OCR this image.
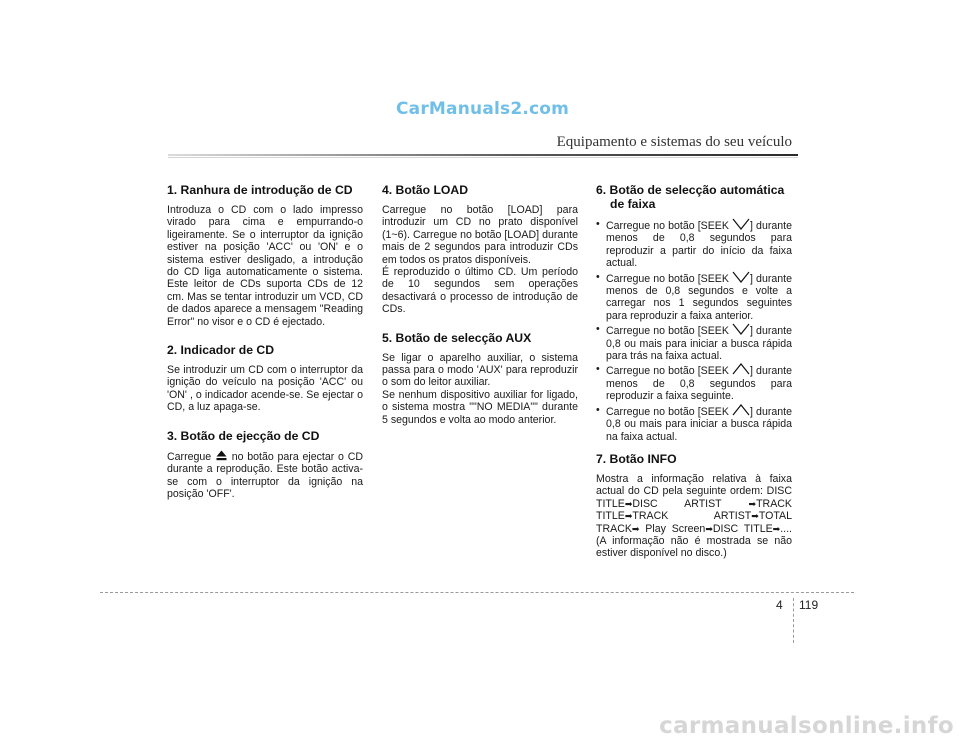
CarManuals2.com
Equipamento e sistemas do seu veículo
1. Ranhura de introdução de CD

Introduza o CD com o lado impresso virado para cima e empurrando-o ligeiramente. Se o interruptor da ignição estiver na posição 'ACC' ou 'ON' e o sistema estiver desligado, a introdução do CD liga automaticamente o sistema. Este leitor de CDs suporta CDs de 12 cm. Mas se tentar introduzir um VCD, CD de dados aparece a mensagem "Reading Error" no visor e o CD é ejectado.

2. Indicador de CD

Se introduzir um CD com o interruptor da ignição do veículo na posição 'ACC' ou 'ON' , o indicador acende-se. Se ejectar o CD, a luz apaga-se.

3. Botão de ejecção de CD

Carregue no botão para ejectar o CD durante a reprodução. Este botão activa-se com o interruptor da ignição na posição 'OFF'.

4. Botão LOAD

Carregue no botão [LOAD] para introduzir um CD no prato disponível (1~6). Carregue no botão [LOAD] durante mais de 2 segundos para introduzir CDs em todos os pratos disponíveis.

É reproduzido o último CD. Um período de 10 segundos sem operações desactivará o processo de introdução de CDs.

5. Botão de selecção AUX

Se ligar o aparelho auxiliar, o sistema passa para o modo 'AUX' para reproduzir o som do leitor auxiliar.

Se nenhum dispositivo auxiliar for ligado, o sistema mostra ""NO MEDIA"" durante 5 segundos e volta ao modo anterior.

6. Botão de selecção automática de faixa
• Carregue no botão [SEEK ] durante menos de 0,8 segundos para reproduzir a partir do início da faixa actual.
• Carregue no botão [SEEK ] durante menos de 0,8 segundos e volte a carregar nos 1 segundos seguintes para reproduzir a faixa anterior.
• Carregue no botão [SEEK ] durante 0,8 ou mais para iniciar a busca rápida para trás na faixa actual.
• Carregue no botão [SEEK ] durante menos de 0,8 segundos para reproduzir a faixa seguinte.
• Carregue no botão [SEEK ] durante 0,8 ou mais para iniciar a busca rápida na faixa actual.
7. Botão INFO

Mostra a informação relativa à faixa actual do CD pela seguinte ordem: DISC TITLE➡DISC ARTIST	➡TRACK TITLE➡TRACK ARTIST➡TOTAL TRACK➡ Play Screen➡DISC TITLE➡....(A informação não é mostrada se não estiver disponível no disco.)

4 119
carmanualsonline.info
